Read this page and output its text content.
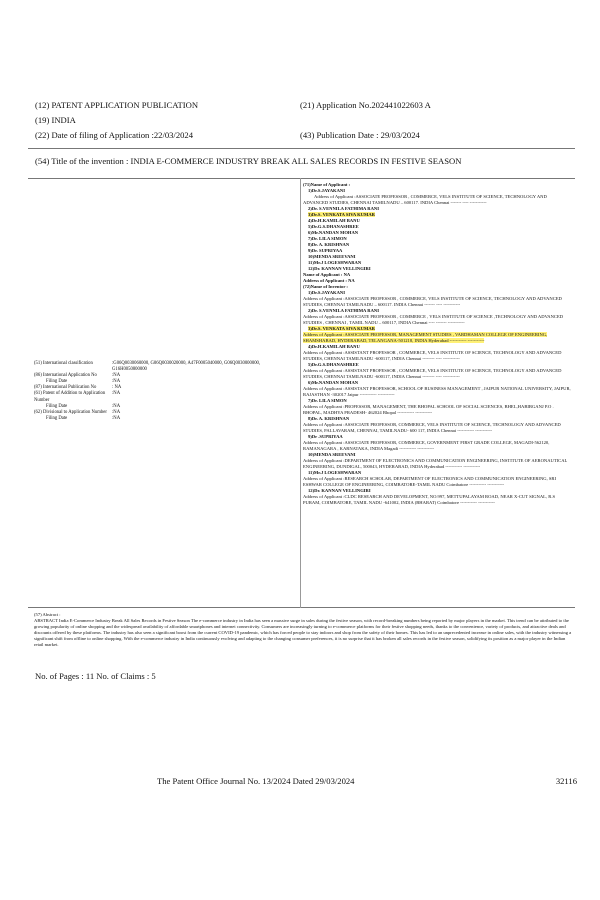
(12) PATENT APPLICATION PUBLICATION	(21) Application No.202441022603 A
(19) INDIA
(22) Date of filing of Application :22/03/2024	(43) Publication Date : 29/03/2024
(54) Title of the invention : INDIA E-COMMERCE INDUSTRY BREAK ALL SALES RECORDS IN FESTIVE SEASON
(51) International classification	:G06Q0030060000, G06Q0030020000, A47F0005040000, G06Q0030000000, G16H0050800000
(86) International Application No	:NA
Filing Date	:NA
(87) International Publication No	: NA
(61) Patent of Addition to Application Number
:NA
Filing Date	:NA
(62) Divisional to Application Number	:NA
Filing Date	:NA
(71)Name of Applicant :
1)Dr.S.JAYAKANI
Address of Applicant :ASSOCIATE PROFESSOR , COMMERCE, VELS INSTITUTE OF SCIENCE, TECHNOLOGY AND ADVANCED STUDIES, CHENNAI TAMILNADU – 600117. INDIA Chennai ------- ---- -----------
2)Dr. S.VENNILA FATHIMA RANI
3)Dr.S. VENKATA SIVA KUMAR
4)Dr.H.KAMILAH BANU
5)Dr.G.S.DHANASHREE
6)Mr.NANDAN MOHAN
7)Dr. LILA SIMON
8)Dr. A. KRISHNAN
9)Dr. SUPRIYAA
10)MENDA SREEVANI
11)Mr.J LOGESHWARAN
12)Dr. KANNAN VELLINGIRI
Name of Applicant : NA
Address of Applicant : NA
(72)Name of Inventor :
1)Dr.S.JAYAKANI
Address of Applicant :ASSOCIATE PROFESSOR , COMMERCE, VELS INSTITUTE OF SCIENCE, TECHNOLOGY AND ADVANCED STUDIES, CHENNAI TAMILNADU – 600117. INDIA Chennai ------- ---- -----------
2)Dr. S.VENNILA FATHIMA RANI
Address of Applicant :ASSOCIATE PROFESSOR , COMMERCE , VELS INSTITUTE OF SCIENCE ,TECHNOLOGY AND ADVANCED STUDIES , CHENNAI , TAMIL NADU – 600117, INDIA Chennai ---- ------- -----------
3)Dr.S. VENKATA SIVA KUMAR
Address of Applicant :ASSOCIATE PROFESSOR, MANAGEMENT STUDIES , VARDHAMAN COLLEGE OF ENGINEERING, SHAMSHABAD, HYDERABAD, TELANGANA-501218, INDIA Hyderabad ----------- -----------
4)Dr.H.KAMILAH BANU
Address of Applicant :ASSISTANT PROFESSOR , COMMERCE, VELS INSTITUTE OF SCIENCE, TECHNOLOGY AND ADVANCED STUDIES, CHENNAI TAMILNADU -600117, INDIA Chennai -------- ---- -----------
5)Dr.G.S.DHANASHREE
Address of Applicant :ASSISTANT PROFESSOR , COMMERCE, VELS INSTITUTE OF SCIENCE, TECHNOLOGY AND ADVANCED STUDIES, CHENNAI TAMILNADU -600117, INDIA Chennai -------- ---- -----------
6)Mr.NANDAN MOHAN
Address of Applicant :ASSISTANT PROFESSOR, SCHOOL OF BUSINESS MANAGEMENT , JAIPUR NATIONAL UNIVERSITY, JAIPUR, RAJASTHAN -302017 Jaipur ----------- -----------
7)Dr. LILA SIMON
Address of Applicant :PROFESSOR, MANAGEMENT, THE BHOPAL SCHOOL OF SOCIAL SCIENCES, BHEL,HABIBGANJ P.O . BHOPAL, MADHYA PRADESH- 462024 Bhopal ----------- -----------
8)Dr. A. KRISHNAN
Address of Applicant :ASSOCIATE PROFESSOR, COMMERCE, VELS INSTITUTE OF SCIENCE, TECHNOLOGY AND ADVANCED STUDIES, PALLAVARAM, CHENNAI, TAMILNADU- 600 117, INDIA Chennai ----------- -----------
9)Dr .SUPRIYAA
Address of Applicant :ASSOCIATE PROFESSOR, COMMERCE, GOVERNMENT FIRST GRADE COLLEGE, MAGADI-562120, RAMANAGARA , KARNATAKA, INDIA Magadi ----------- -----------
10)MENDA SREEVANI
Address of Applicant :DEPARTMENT OF ELECTRONICS AND COMMUNICATION ENGINEERING, INSTITUTE OF AERONAUTICAL ENGINEERING, DUNDIGAL, 500043, HYDERABAD, INDIA Hyderabad ----------- -----------
11)Mr.J LOGESHWARAN
Address of Applicant :RESEARCH SCHOLAR, DEPARTMENT OF ELECTRONICS AND COMMUNICATION ENGINEERING, SRI ESHWAR COLLEGE OF ENGINEERING, COIMBATORE-TAMIL NADU Coimbatore ----------- -----------
12)Dr. KANNAN VELLINGIRI
Address of Applicant :CLDC RESEARCH AND DEVELOPMENT, NO.997, METTUPALAYAM ROAD, NEAR X-CUT SIGNAL, R.S PURAM, COIMBATORE, TAMIL NADU -641002, INDIA (BHARAT) Coimbatore ----------- -----------
(57) Abstract :
ABSTRACT India E-Commerce Industry Break All Sales Records in Festive Season The e-commerce industry in India has seen a massive surge in sales during the festive season, with record-breaking numbers being reported by major players in the market. This trend can be attributed to the growing popularity of online shopping and the widespread availability of affordable smartphones and internet connectivity. Consumers are increasingly turning to e-commerce platforms for their festive shopping needs, thanks to the convenience, variety of products, and attractive deals and discounts offered by these platforms. The industry has also seen a significant boost from the current COVID-19 pandemic, which has forced people to stay indoors and shop from the safety of their homes. This has led to an unprecedented increase in online sales, with the industry witnessing a significant shift from offline to online shopping. With the e-commerce industry in India continuously evolving and adapting to the changing consumer preferences, it is no surprise that it has broken all sales records in the festive season, solidifying its position as a major player in the Indian retail market.
No. of Pages : 11 No. of Claims : 5
The Patent Office Journal No. 13/2024 Dated 29/03/2024	32116
